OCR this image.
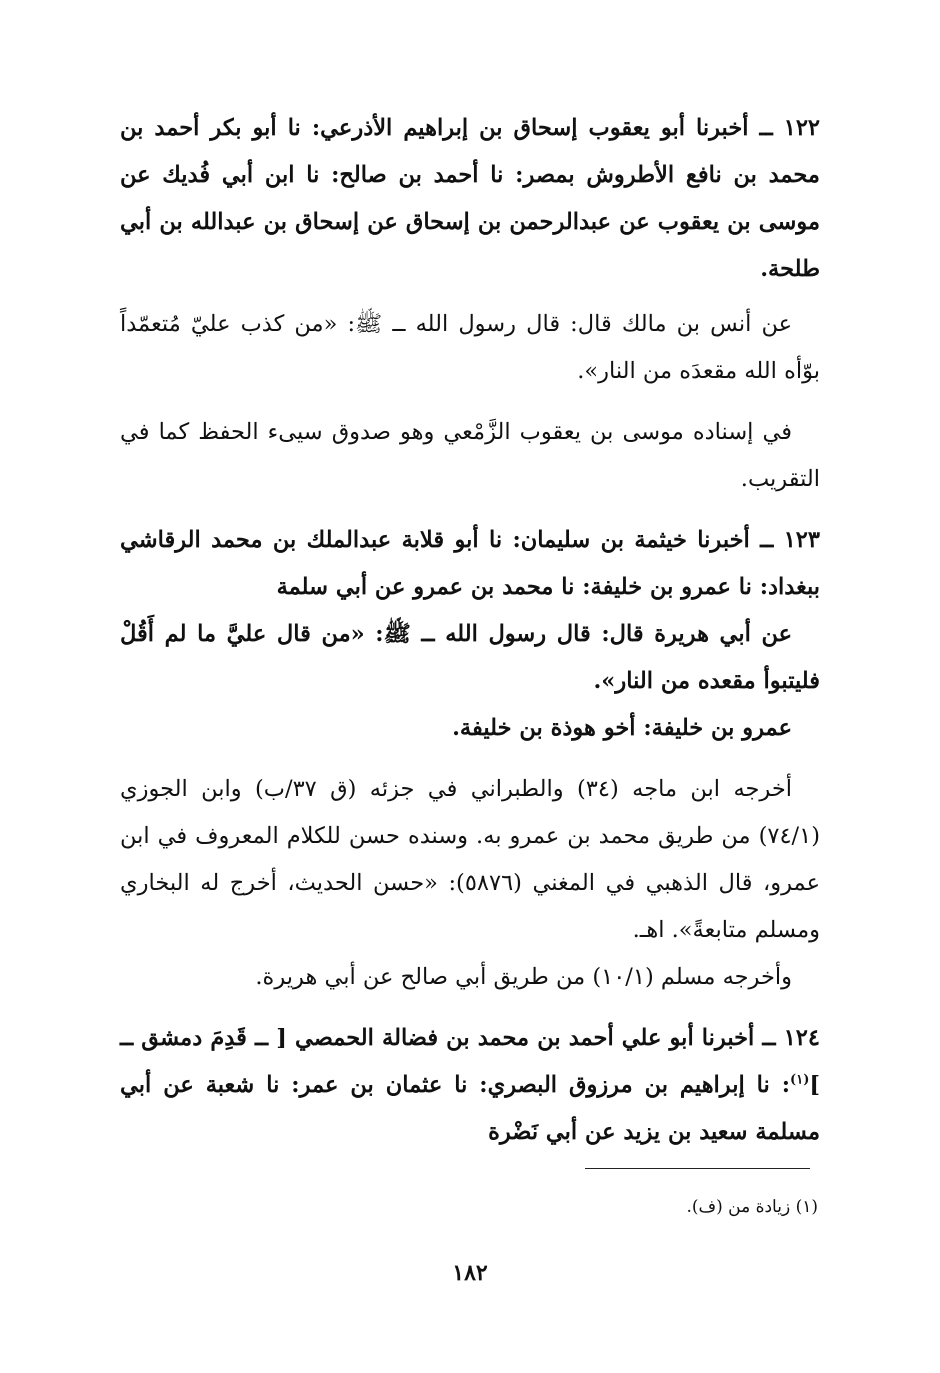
١٢٢ ــ أخبرنا أبو يعقوب إسحاق بن إبراهيم الأذرعي: نا أبو بكر أحمد بن محمد بن نافع الأطروش بمصر: نا أحمد بن صالح: نا ابن أبي فُديك عن موسى بن يعقوب عن عبدالرحمن بن إسحاق عن إسحاق بن عبدالله بن أبي طلحة.

عن أنس بن مالك قال: قال رسول الله ــ ﷺ: «من كذب عليّ مُتعمّداً بوّأه الله مقعدَه من النار».

في إسناده موسى بن يعقوب الزَّمْعي وهو صدوق سيىء الحفظ كما في التقريب.

١٢٣ ــ أخبرنا خيثمة بن سليمان: نا أبو قلابة عبدالملك بن محمد الرقاشي ببغداد: نا عمرو بن خليفة: نا محمد بن عمرو عن أبي سلمة

عن أبي هريرة قال: قال رسول الله ــ ﷺ: «من قال عليَّ ما لم أَقُلْ فليتبوأ مقعده من النار».

عمرو بن خليفة: أخو هوذة بن خليفة.

أخرجه ابن ماجه (٣٤) والطبراني في جزئه (ق ٣٧/ب) وابن الجوزي (٧٤/١) من طريق محمد بن عمرو به. وسنده حسن للكلام المعروف في ابن عمرو، قال الذهبي في المغني (٥٨٧٦): «حسن الحديث، أخرج له البخاري ومسلم متابعةً». اهـ.

وأخرجه مسلم (١٠/١) من طريق أبي صالح عن أبي هريرة.

١٢٤ ــ أخبرنا أبو علي أحمد بن محمد بن فضالة الحمصي [ ــ قَدِمَ دمشق ــ ]$^{(١)}$: نا إبراهيم بن مرزوق البصري: نا عثمان بن عمر: نا شعبة عن أبي مسلمة سعيد بن يزيد عن أبي نَضْرة

(١) زيادة من (ف).
١٨٢
